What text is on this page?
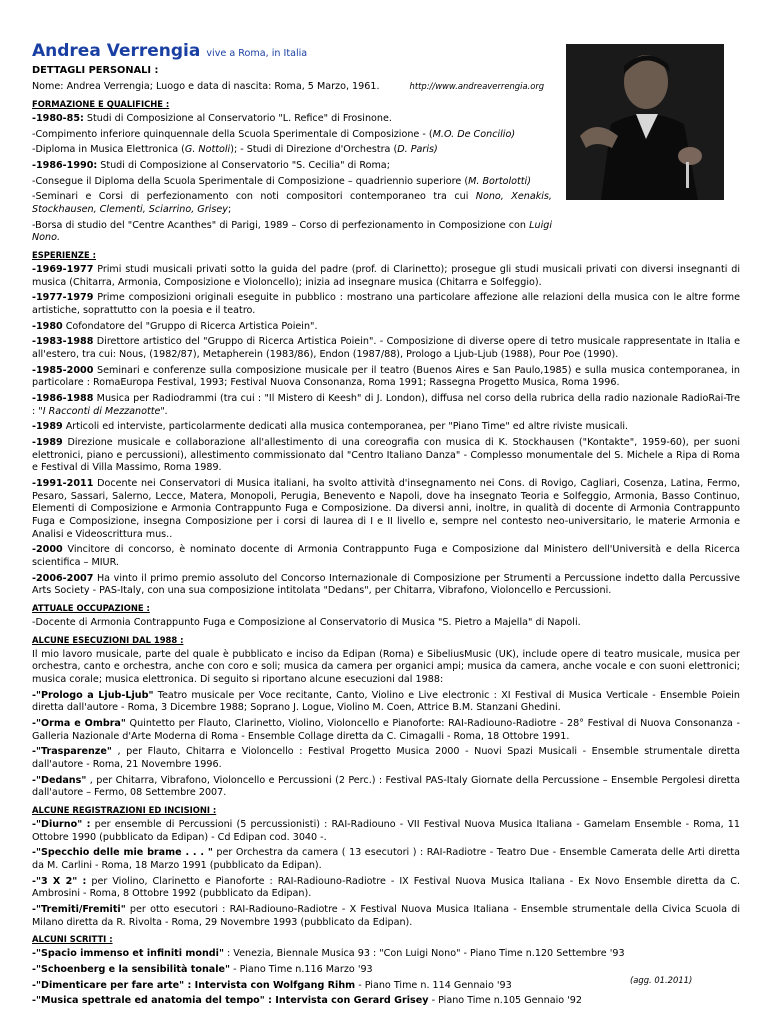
Andrea Verrengia vive a Roma, in Italia
DETTAGLI PERSONALI :

Nome: Andrea Verrengia; Luogo e data di nascita: Roma, 5 Marzo, 1961.	http://www.andreaverrengia.org

FORMAZIONE E QUALIFICHE :

-1980-85: Studi di Composizione al Conservatorio "L. Refice" di Frosinone.

-Compimento inferiore quinquennale della Scuola Sperimentale di Composizione - (M.O. De Concilio)

-Diploma in Musica Elettronica (G. Nottoli); - Studi di Direzione d'Orchestra (D. Paris)

-1986-1990: Studi di Composizione al Conservatorio "S. Cecilia" di Roma;

-Consegue il Diploma della Scuola Sperimentale di Composizione – quadriennio superiore (M. Bortolotti)

-Seminari e Corsi di perfezionamento con noti compositori contemporaneo tra cui Nono, Xenakis, Stockhausen, Clementi, Sciarrino, Grisey;

-Borsa di studio del "Centre Acanthes" di Parigi, 1989 – Corso di perfezionamento in Composizione con Luigi Nono.

ESPERIENZE :

-1969-1977 Primi studi musicali privati sotto la guida del padre (prof. di Clarinetto); prosegue gli studi musicali privati con diversi insegnanti di musica (Chitarra, Armonia, Composizione e Violoncello); inizia ad insegnare musica (Chitarra e Solfeggio).

-1977-1979 Prime composizioni originali eseguite in pubblico : mostrano una particolare affezione alle relazioni della musica con le altre forme artistiche, soprattutto con la poesia e il teatro.

-1980 Cofondatore del "Gruppo di Ricerca Artistica Poiein".

-1983-1988 Direttore artistico del "Gruppo di Ricerca Artistica Poiein". - Composizione di diverse opere di tetro musicale rappresentate in Italia e all'estero, tra cui: Nous, (1982/87), Metapherein (1983/86), Endon (1987/88), Prologo a Ljub-Ljub (1988), Pour Poe (1990).

-1985-2000 Seminari e conferenze sulla composizione musicale per il teatro (Buenos Aires e San Paulo,1985) e sulla musica contemporanea, in particolare : RomaEuropa Festival, 1993; Festival Nuova Consonanza, Roma 1991; Rassegna Progetto Musica, Roma 1996.

-1986-1988 Musica per Radiodrammi (tra cui : "Il Mistero di Keesh" di J. London), diffusa nel corso della rubrica della radio nazionale RadioRai-Tre : "I Racconti di Mezzanotte".

-1989 Articoli ed interviste, particolarmente dedicati alla musica contemporanea, per "Piano Time" ed altre riviste musicali.

-1989 Direzione musicale e collaborazione all'allestimento di una coreografia con musica di K. Stockhausen ("Kontakte", 1959-60), per suoni elettronici, piano e percussioni), allestimento commissionato dal "Centro Italiano Danza" - Complesso monumentale del S. Michele a Ripa di Roma e Festival di Villa Massimo, Roma 1989.

-1991-2011 Docente nei Conservatori di Musica italiani, ha svolto attività d'insegnamento nei Cons. di Rovigo, Cagliari, Cosenza, Latina, Fermo, Pesaro, Sassari, Salerno, Lecce, Matera, Monopoli, Perugia, Benevento e Napoli, dove ha insegnato Teoria e Solfeggio, Armonia, Basso Continuo, Elementi di Composizione e Armonia Contrappunto Fuga e Composizione. Da diversi anni, inoltre, in qualità di docente di Armonia Contrappunto Fuga e Composizione, insegna Composizione per i corsi di laurea di I e II livello e, sempre nel contesto neo-universitario, le materie Armonia e Analisi e Videoscrittura mus..

-2000 Vincitore di concorso, è nominato docente di Armonia Contrappunto Fuga e Composizione dal Ministero dell'Università e della Ricerca scientifica – MIUR.

-2006-2007 Ha vinto il primo premio assoluto del Concorso Internazionale di Composizione per Strumenti a Percussione indetto dalla Percussive Arts Society - PAS-Italy, con una sua composizione intitolata "Dedans", per Chitarra, Vibrafono, Violoncello e Percussioni.

ATTUALE OCCUPAZIONE :

-Docente di Armonia Contrappunto Fuga e Composizione al Conservatorio di Musica "S. Pietro a Majella" di Napoli.

ALCUNE ESECUZIONI DAL 1988 :

Il mio lavoro musicale, parte del quale è pubblicato e inciso da Edipan (Roma) e SibeliusMusic (UK), include opere di teatro musicale, musica per orchestra, canto e orchestra, anche con coro e soli; musica da camera per organici ampi; musica da camera, anche vocale e con suoni elettronici; musica corale; musica elettronica. Di seguito si riportano alcune esecuzioni dal 1988:

-"Prologo a Ljub-Ljub" Teatro musicale per Voce recitante, Canto, Violino e Live electronic : XI Festival di Musica Verticale - Ensemble Poiein diretta dall'autore - Roma, 3 Dicembre 1988; Soprano J. Logue, Violino M. Coen, Attrice B.M. Stanzani Ghedini.

-"Orma e Ombra" Quintetto per Flauto, Clarinetto, Violino, Violoncello e Pianoforte: RAI-Radiouno-Radiotre - 28° Festival di Nuova Consonanza - Galleria Nazionale d'Arte Moderna di Roma - Ensemble Collage diretta da C. Cimagalli - Roma, 18 Ottobre 1991.

-"Trasparenze" , per Flauto, Chitarra e Violoncello : Festival Progetto Musica 2000 - Nuovi Spazi Musicali - Ensemble strumentale diretta dall'autore - Roma, 21 Novembre 1996.

-"Dedans" , per Chitarra, Vibrafono, Violoncello e Percussioni (2 Perc.) : Festival PAS-Italy Giornate della Percussione – Ensemble Pergolesi diretta dall'autore – Fermo, 08 Settembre 2007.

ALCUNE REGISTRAZIONI ED INCISIONI :

-"Diurno" : per ensemble di Percussioni (5 percussionisti) : RAI-Radiouno - VII Festival Nuova Musica Italiana - Gamelam Ensemble - Roma, 11 Ottobre 1990 (pubblicato da Edipan) - Cd Edipan cod. 3040 -.

-"Specchio delle mie brame . . . " per Orchestra da camera ( 13 esecutori ) : RAI-Radiotre - Teatro Due - Ensemble Camerata delle Arti diretta da M. Carlini - Roma, 18 Marzo 1991 (pubblicato da Edipan).

-"3 X 2" : per Violino, Clarinetto e Pianoforte : RAI-Radiouno-Radiotre - IX Festival Nuova Musica Italiana - Ex Novo Ensemble diretta da C. Ambrosini - Roma, 8 Ottobre 1992 (pubblicato da Edipan).

-"Tremiti/Fremiti" per otto esecutori : RAI-Radiouno-Radiotre - X Festival Nuova Musica Italiana - Ensemble strumentale della Civica Scuola di Milano diretta da R. Rivolta - Roma, 29 Novembre 1993 (pubblicato da Edipan).

ALCUNI SCRITTI :

-"Spacio immenso et infiniti mondi" : Venezia, Biennale Musica 93 : "Con Luigi Nono" - Piano Time n.120 Settembre '93

-"Schoenberg e la sensibilità tonale" - Piano Time n.116 Marzo '93

-"Dimenticare per fare arte" : Intervista con Wolfgang Rihm - Piano Time n. 114 Gennaio '93

-"Musica spettrale ed anatomia del tempo" : Intervista con Gerard Grisey - Piano Time n.105 Gennaio '92

(agg. 01.2011)
